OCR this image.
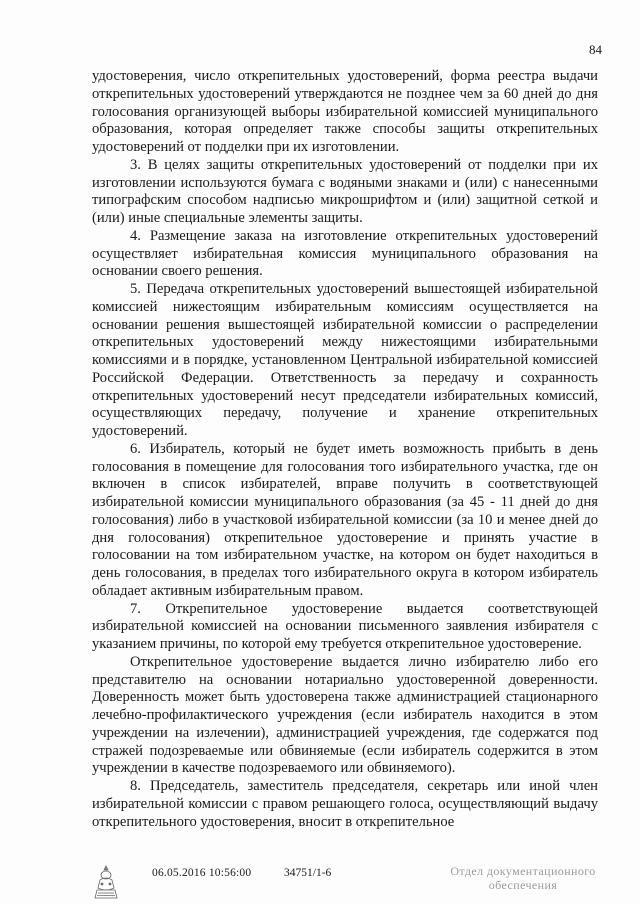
84

удостоверения, число открепительных удостоверений, форма реестра выдачи открепительных удостоверений утверждаются не позднее чем за 60 дней до дня голосования организующей выборы избирательной комиссией муниципального образования, которая определяет также способы защиты открепительных удостоверений от подделки при их изготовлении.

3. В целях защиты открепительных удостоверений от подделки при их изготовлении используются бумага с водяными знаками и (или) с нанесенными типографским способом надписью микрошрифтом и (или) защитной сеткой и (или) иные специальные элементы защиты.

4. Размещение заказа на изготовление открепительных удостоверений осуществляет избирательная комиссия муниципального образования на основании своего решения.

5. Передача открепительных удостоверений вышестоящей избирательной комиссией нижестоящим избирательным комиссиям осуществляется на основании решения вышестоящей избирательной комиссии о распределении открепительных удостоверений между нижестоящими избирательными комиссиями и в порядке, установленном Центральной избирательной комиссией Российской Федерации. Ответственность за передачу и сохранность открепительных удостоверений несут председатели избирательных комиссий, осуществляющих передачу, получение и хранение открепительных удостоверений.

6. Избиратель, который не будет иметь возможность прибыть в день голосования в помещение для голосования того избирательного участка, где он включен в список избирателей, вправе получить в соответствующей избирательной комиссии муниципального образования (за 45 - 11 дней до дня голосования) либо в участковой избирательной комиссии (за 10 и менее дней до дня голосования) открепительное удостоверение и принять участие в голосовании на том избирательном участке, на котором он будет находиться в день голосования, в пределах того избирательного округа в котором избиратель обладает активным избирательным правом.

7. Открепительное удостоверение выдается соответствующей избирательной комиссией на основании письменного заявления избирателя с указанием причины, по которой ему требуется открепительное удостоверение.

Открепительное удостоверение выдается лично избирателю либо его представителю на основании нотариально удостоверенной доверенности. Доверенность может быть удостоверена также администрацией стационарного лечебно-профилактического учреждения (если избиратель находится в этом учреждении на излечении), администрацией учреждения, где содержатся под стражей подозреваемые или обвиняемые (если избиратель содержится в этом учреждении в качестве подозреваемого или обвиняемого).

8. Председатель, заместитель председателя, секретарь или иной член избирательной комиссии с правом решающего голоса, осуществляющий выдачу открепительного удостоверения, вносит в открепительное

06.05.2016 10:56:00	34751/1-6	Отдел документационного
обеспечения
